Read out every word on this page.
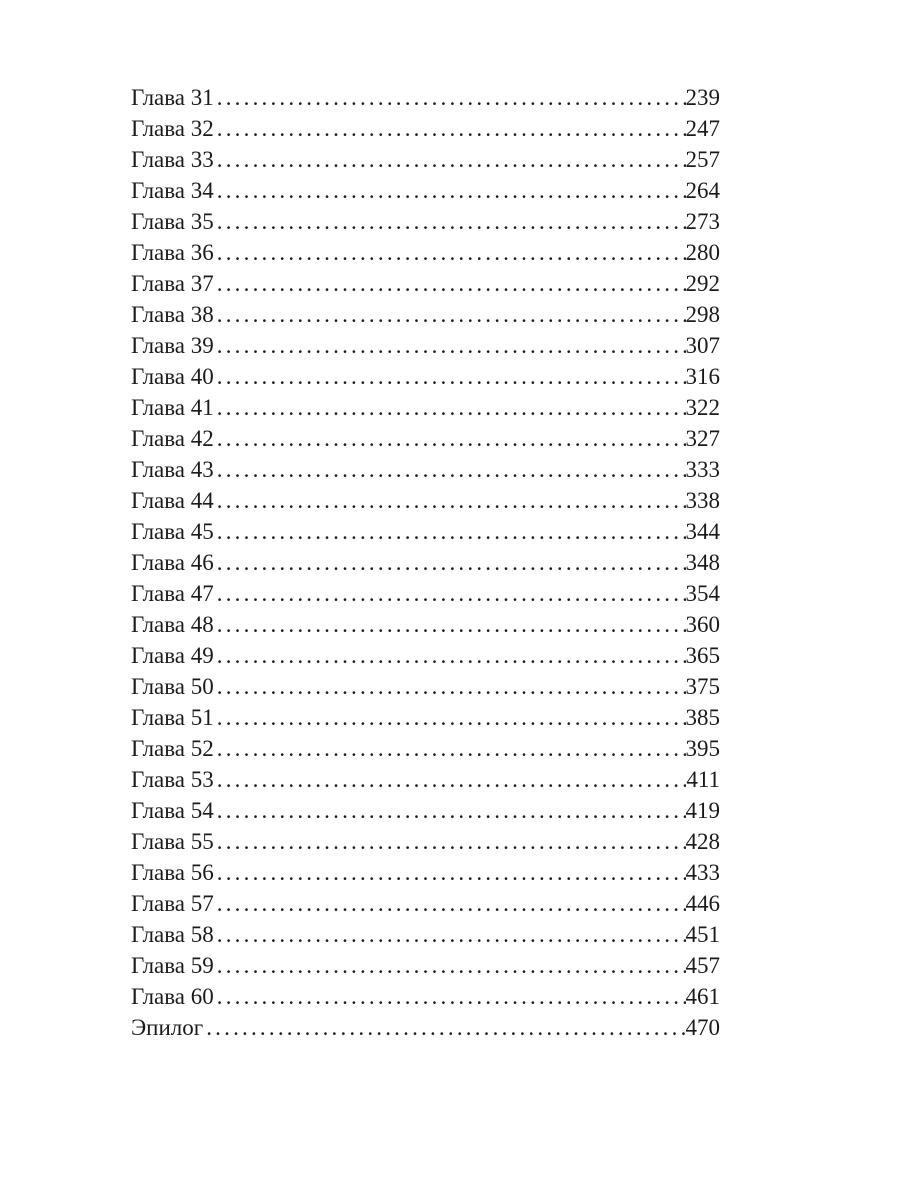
Глава 31 .....	239
Глава 32 .....	247
Глава 33 .....	257
Глава 34 .....	264
Глава 35 .....	273
Глава 36 .....	280
Глава 37 .....	292
Глава 38 .....	298
Глава 39 .....	307
Глава 40 .....	316
Глава 41 .....	322
Глава 42 .....	327
Глава 43 .....	333
Глава 44 .....	338
Глава 45 .....	344
Глава 46 .....	348
Глава 47 .....	354
Глава 48 .....	360
Глава 49 .....	365
Глава 50 .....	375
Глава 51 .....	385
Глава 52 .....	395
Глава 53 .....	411
Глава 54 .....	419
Глава 55 .....	428
Глава 56 .....	433
Глава 57 .....	446
Глава 58 .....	451
Глава 59 .....	457
Глава 60 .....	461
Эпилог .....	470
